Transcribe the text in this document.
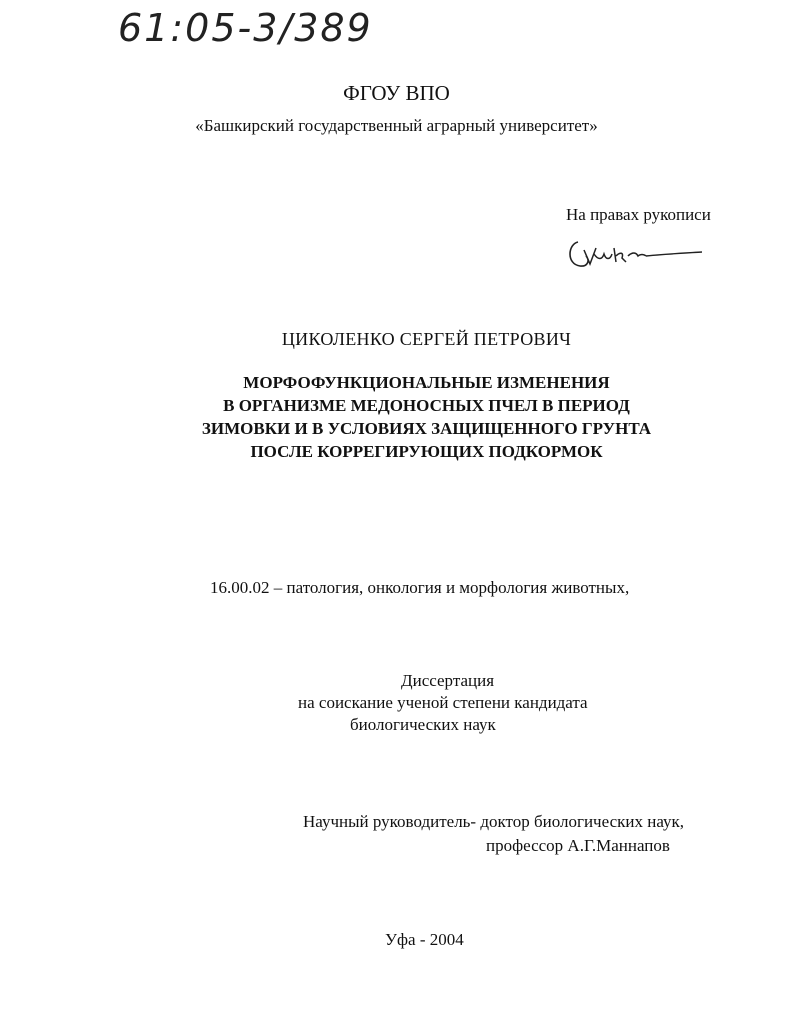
61:05-3/389
ФГОУ ВПО
«Башкирский государственный аграрный университет»
На правах рукописи
ЦИКОЛЕНКО СЕРГЕЙ ПЕТРОВИЧ
МОРФОФУНКЦИОНАЛЬНЫЕ ИЗМЕНЕНИЯ
В ОРГАНИЗМЕ МЕДОНОСНЫХ ПЧЕЛ В ПЕРИОД
ЗИМОВКИ И В УСЛОВИЯХ ЗАЩИЩЕННОГО ГРУНТА
ПОСЛЕ КОРРЕГИРУЮЩИХ ПОДКОРМОК
16.00.02 – патология, онкология и морфология животных,
Диссертация
на соискание ученой степени кандидата
биологических наук
Научный руководитель- доктор биологических наук,
профессор А.Г.Маннапов
Уфа - 2004
